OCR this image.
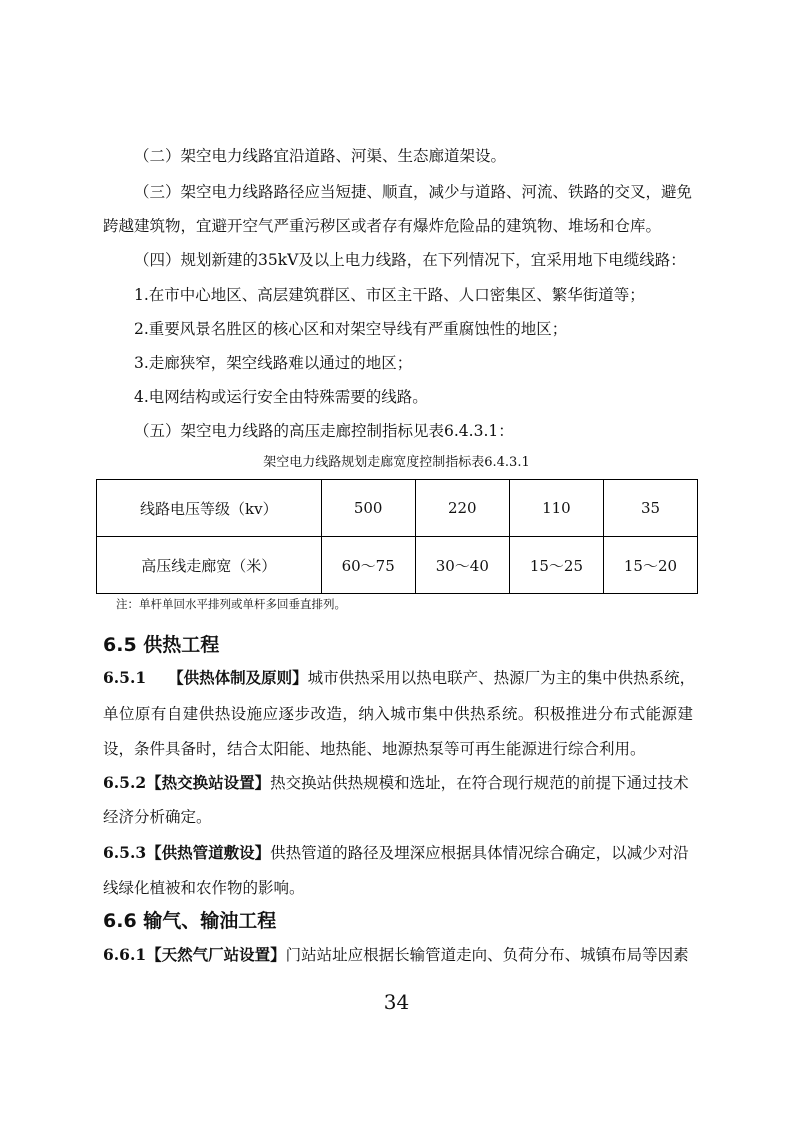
（二）架空电力线路宜沿道路、河渠、生态廊道架设。
（三）架空电力线路路径应当短捷、顺直，减少与道路、河流、铁路的交叉，避免
跨越建筑物，宜避开空气严重污秽区或者存有爆炸危险品的建筑物、堆场和仓库。
（四）规划新建的35kV及以上电力线路，在下列情况下，宜采用地下电缆线路：
1.在市中心地区、高层建筑群区、市区主干路、人口密集区、繁华街道等；
2.重要风景名胜区的核心区和对架空导线有严重腐蚀性的地区；
3.走廊狭窄，架空线路难以通过的地区；
4.电网结构或运行安全由特殊需要的线路。
（五）架空电力线路的高压走廊控制指标见表6.4.3.1：
架空电力线路规划走廊宽度控制指标表6.4.3.1
线路电压等级（kv）	500	220	110	35
高压线走廊宽（米）	60～75	30～40	15～25	15～20
注：单杆单回水平排列或单杆多回垂直排列。
6.5 供热工程
6.5.1 【供热体制及原则】城市供热采用以热电联产、热源厂为主的集中供热系统，
单位原有自建供热设施应逐步改造，纳入城市集中供热系统。积极推进分布式能源建
设，条件具备时，结合太阳能、地热能、地源热泵等可再生能源进行综合利用。
6.5.2【热交换站设置】热交换站供热规模和选址，在符合现行规范的前提下通过技术
经济分析确定。
6.5.3【供热管道敷设】供热管道的路径及埋深应根据具体情况综合确定，以减少对沿
线绿化植被和农作物的影响。
6.6 输气、输油工程
6.6.1【天然气厂站设置】门站站址应根据长输管道走向、负荷分布、城镇布局等因素
34
